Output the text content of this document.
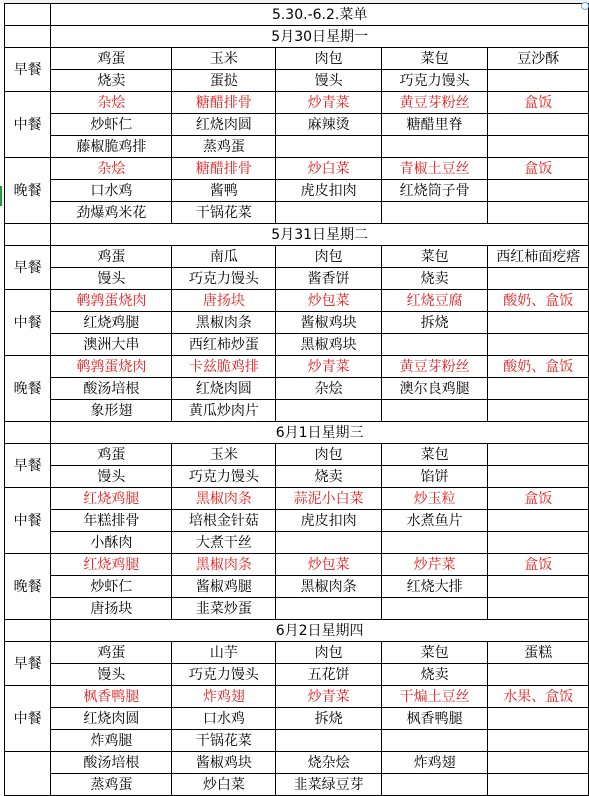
	5.30.-6.2.菜单				
	5月30日星期一				
早餐	鸡蛋	玉米	肉包	菜包	豆沙酥
	烧卖	蛋挞	馒头	巧克力馒头	
中餐	杂烩	糖醋排骨	炒青菜	黄豆芽粉丝	盒饭
	炒虾仁	红烧肉圆	麻辣烫	糖醋里脊	
	藤椒脆鸡排	蒸鸡蛋			
晚餐	杂烩	糖醋排骨	炒白菜	青椒土豆丝	盒饭
	口水鸡	酱鸭	虎皮扣肉	红烧筒子骨	
	劲爆鸡米花	干锅花菜			
	5月31日星期二				
早餐	鸡蛋	南瓜	肉包	菜包	西红柿面疙瘩
	馒头	巧克力馒头	酱香饼	烧卖	
中餐	鹌鹑蛋烧肉	唐扬块	炒包菜	红烧豆腐	酸奶、盒饭
	红烧鸡腿	黑椒肉条	酱椒鸡块	拆烧	
	澳洲大串	西红柿炒蛋	黑椒鸡块		
晚餐	鹌鹑蛋烧肉	卡兹脆鸡排	炒青菜	黄豆芽粉丝	酸奶、盒饭
	酸汤培根	红烧肉圆	杂烩	澳尔良鸡腿	
	象形翅	黄瓜炒肉片			
	6月1日星期三				
早餐	鸡蛋	玉米	肉包	菜包	
	馒头	巧克力馒头	烧卖	馅饼	
中餐	红烧鸡腿	黑椒肉条	蒜泥小白菜	炒玉粒	盒饭
	年糕排骨	培根金针菇	虎皮扣肉	水煮鱼片	
	小酥肉	大煮干丝			
晚餐	红烧鸡腿	黑椒肉条	炒包菜	炒芹菜	盒饭
	炒虾仁	酱椒鸡腿	黑椒肉条	红烧大排	
	唐扬块	韭菜炒蛋			
	6月2日星期四				
早餐	鸡蛋	山芋	肉包	菜包	蛋糕
	馒头	巧克力馒头	五花饼	烧卖	
中餐	枫香鸭腿	炸鸡翅	炒青菜	干煸土豆丝	水果、盒饭
	红烧肉圆	口水鸡	拆烧	枫香鸭腿	
	炸鸡腿	干锅花菜			
	酸汤培根	酱椒鸡块	烧杂烩	炸鸡翅	
	蒸鸡蛋	炒白菜	韭菜绿豆芽		
